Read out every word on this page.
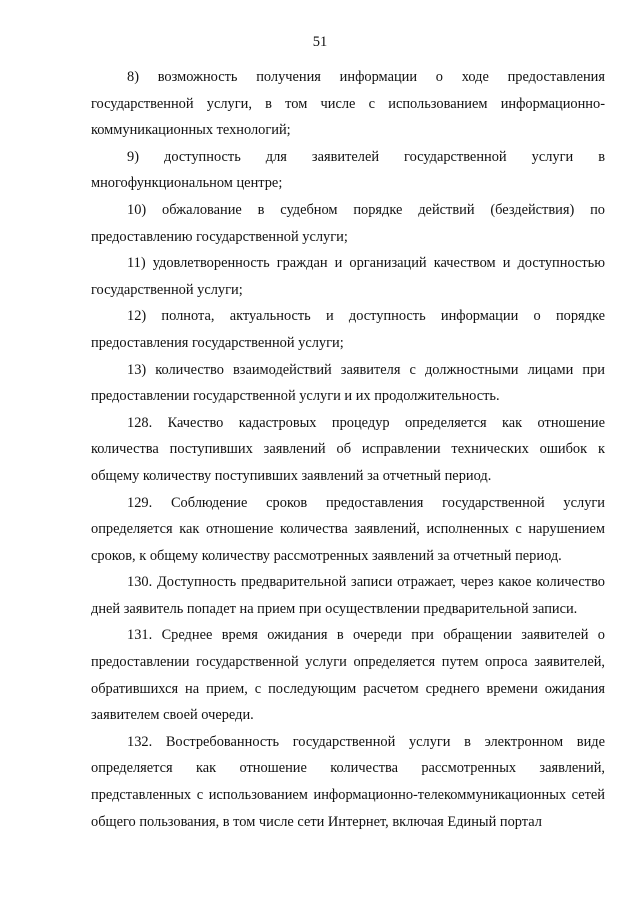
51

8) возможность получения информации о ходе предоставления государственной услуги, в том числе с использованием информационно-коммуникационных технологий;

9) доступность для заявителей государственной услуги в многофункциональном центре;

10) обжалование в судебном порядке действий (бездействия) по предоставлению государственной услуги;

11) удовлетворенность граждан и организаций качеством и доступностью государственной услуги;

12) полнота, актуальность и доступность информации о порядке предоставления государственной услуги;

13) количество взаимодействий заявителя с должностными лицами при предоставлении государственной услуги и их продолжительность.

128. Качество кадастровых процедур определяется как отношение количества поступивших заявлений об исправлении технических ошибок к общему количеству поступивших заявлений за отчетный период.

129. Соблюдение сроков предоставления государственной услуги определяется как отношение количества заявлений, исполненных с нарушением сроков, к общему количеству рассмотренных заявлений за отчетный период.

130. Доступность предварительной записи отражает, через какое количество дней заявитель попадет на прием при осуществлении предварительной записи.

131. Среднее время ожидания в очереди при обращении заявителей о предоставлении государственной услуги определяется путем опроса заявителей, обратившихся на прием, с последующим расчетом среднего времени ожидания заявителем своей очереди.

132. Востребованность государственной услуги в электронном виде определяется как отношение количества рассмотренных заявлений, представленных с использованием информационно-телекоммуникационных сетей общего пользования, в том числе сети Интернет, включая Единый портал
